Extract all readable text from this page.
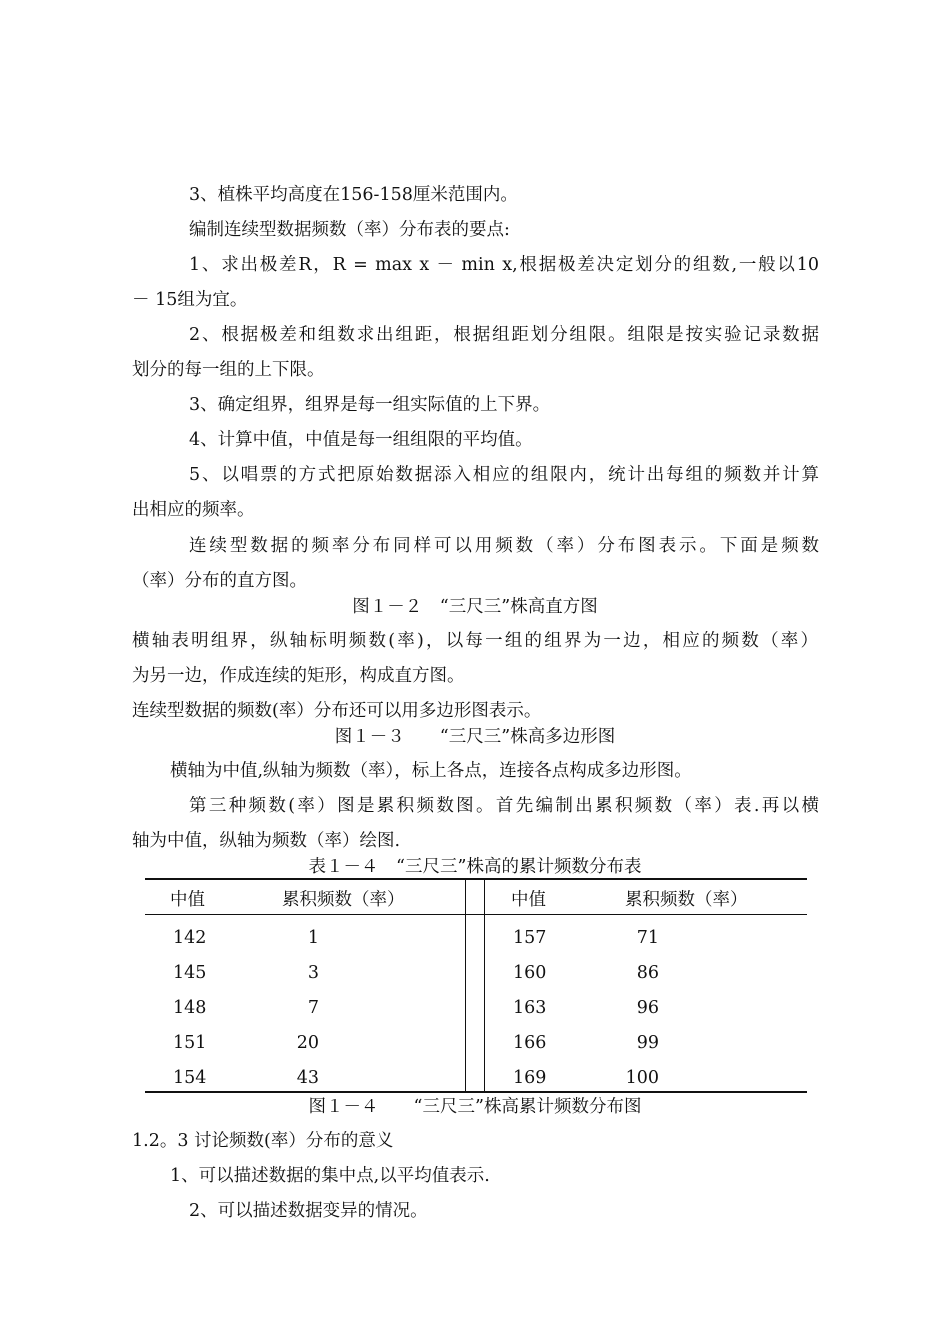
3、植株平均高度在156-158厘米范围内。
编制连续型数据频数（率）分布表的要点:
1、求出极差R，R = max x － min x,根据极差决定划分的组数,一般以10
－ 15组为宜。
2、根据极差和组数求出组距，根据组距划分组限。组限是按实验记录数据
划分的每一组的上下限。
3、确定组界，组界是每一组实际值的上下界。
4、计算中值，中值是每一组组限的平均值。
5、以唱票的方式把原始数据添入相应的组限内，统计出每组的频数并计算
出相应的频率。
连续型数据的频率分布同样可以用频数（率）分布图表示。下面是频数
（率）分布的直方图。
图１－２　“三尺三”株高直方图
横轴表明组界，纵轴标明频数(率)，以每一组的组界为一边，相应的频数（率）
为另一边，作成连续的矩形，构成直方图。
连续型数据的频数(率）分布还可以用多边形图表示。
图１－３　　“三尺三”株高多边形图
横轴为中值,纵轴为频数（率），标上各点，连接各点构成多边形图。
第三种频数(率）图是累积频数图。首先编制出累积频数（率）表.再以横
轴为中值，纵轴为频数（率）绘图.
表１－４　“三尺三”株高的累计频数分布表
中值	累积频数（率）	中值	累积频数（率）
142	1	157	71
145	3	160	86
148	7	163	96
151	20	166	99
154	43	169	100
图１－４　　“三尺三”株高累计频数分布图
1.2。3 讨论频数(率）分布的意义
1、可以描述数据的集中点,以平均值表示.
2、可以描述数据变异的情况。
